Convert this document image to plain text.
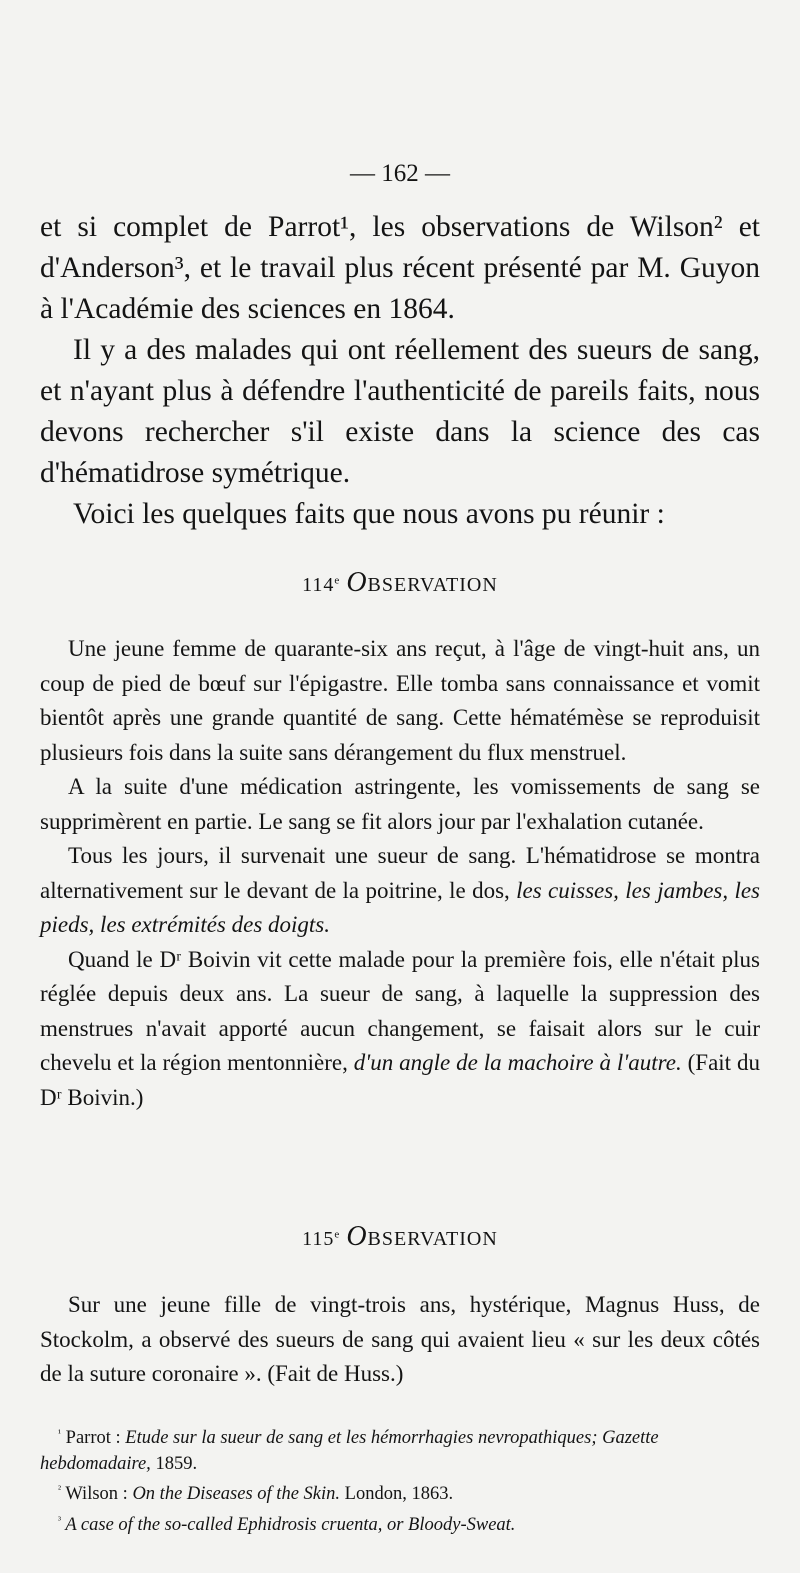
— 162 —

et si complet de Parrot¹, les observations de Wilson² et d'Anderson³, et le travail plus récent présenté par M. Guyon à l'Académie des sciences en 1864.

Il y a des malades qui ont réellement des sueurs de sang, et n'ayant plus à défendre l'authenticité de pareils faits, nous devons rechercher s'il existe dans la science des cas d'hématidrose symétrique.

Voici les quelques faits que nous avons pu réunir :

114e OBSERVATION

Une jeune femme de quarante-six ans reçut, à l'âge de vingt-huit ans, un coup de pied de bœuf sur l'épigastre. Elle tomba sans connaissance et vomit bientôt après une grande quantité de sang. Cette hématémèse se reproduisit plusieurs fois dans la suite sans dérangement du flux menstruel.

A la suite d'une médication astringente, les vomissements de sang se supprimèrent en partie. Le sang se fit alors jour par l'exhalation cutanée.

Tous les jours, il survenait une sueur de sang. L'hématidrose se montra alternativement sur le devant de la poitrine, le dos, les cuisses, les jambes, les pieds, les extrémités des doigts.

Quand le Dʳ Boivin vit cette malade pour la première fois, elle n'était plus réglée depuis deux ans. La sueur de sang, à laquelle la suppression des menstrues n'avait apporté aucun changement, se faisait alors sur le cuir chevelu et la région mentonnière, d'un angle de la machoire à l'autre. (Fait du Dʳ Boivin.)

115e OBSERVATION

Sur une jeune fille de vingt-trois ans, hystérique, Magnus Huss, de Stockolm, a observé des sueurs de sang qui avaient lieu « sur les deux côtés de la suture coronaire ». (Fait de Huss.)

$^{^1}$ Parrot : Etude sur la sueur de sang et les hémorrhagies nevropathiques; Gazette hebdomadaire, 1859.

$^{^2}$ Wilson : On the Diseases of the Skin. London, 1863.

$^{^3}$ A case of the so-called Ephidrosis cruenta, or Bloody-Sweat.
